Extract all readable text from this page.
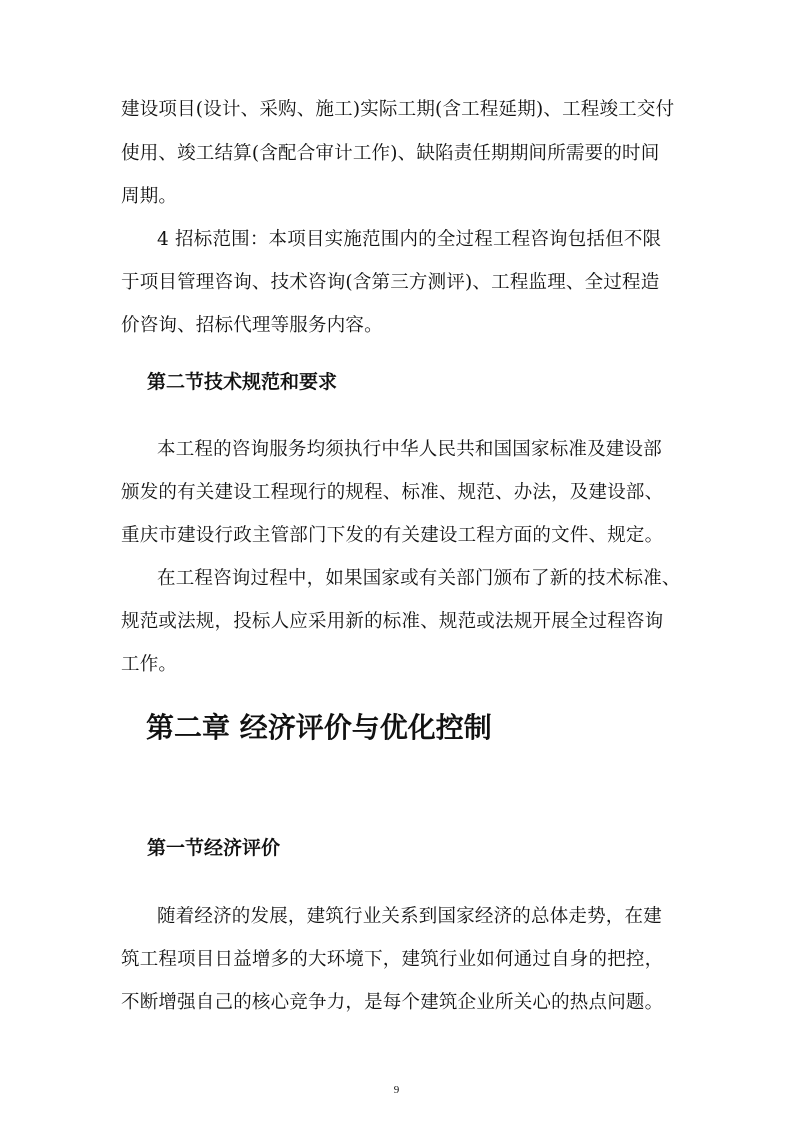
建设项目(设计、采购、施工)实际工期(含工程延期)、工程竣工交付
使用、竣工结算(含配合审计工作)、缺陷责任期期间所需要的时间
周期。
4 招标范围：本项目实施范围内的全过程工程咨询包括但不限
于项目管理咨询、技术咨询(含第三方测评)、工程监理、全过程造
价咨询、招标代理等服务内容。
第二节技术规范和要求
本工程的咨询服务均须执行中华人民共和国国家标准及建设部
颁发的有关建设工程现行的规程、标准、规范、办法，及建设部、
重庆市建设行政主管部门下发的有关建设工程方面的文件、规定。
在工程咨询过程中，如果国家或有关部门颁布了新的技术标准、
规范或法规，投标人应采用新的标准、规范或法规开展全过程咨询
工作。
第二章 经济评价与优化控制
第一节经济评价
随着经济的发展，建筑行业关系到国家经济的总体走势，在建
筑工程项目日益增多的大环境下，建筑行业如何通过自身的把控，
不断增强自己的核心竞争力，是每个建筑企业所关心的热点问题。
9
